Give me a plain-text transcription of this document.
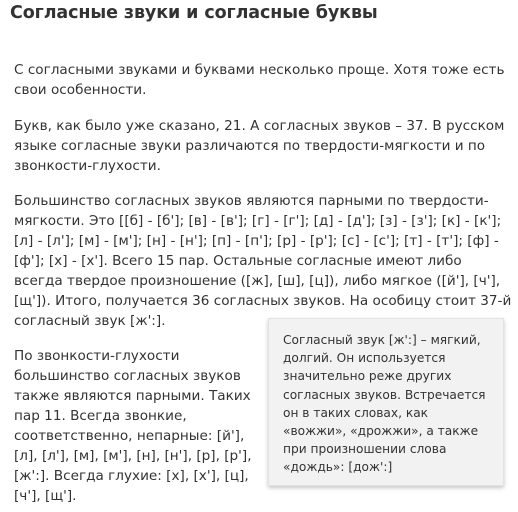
Согласные звуки и согласные буквы

С согласными звуками и буквами несколько проще. Хотя тоже есть свои особенности.

Букв, как было уже сказано, 21. А согласных звуков – 37. В русском языке согласные звуки различаются по твердости-мягкости и по звонкости-глухости.

Большинство согласных звуков являются парными по твердости-мягкости. Это [[б] - [б']; [в] - [в']; [г] - [г']; [д] - [д']; [з] - [з']; [к] - [к']; [л] - [л']; [м] - [м']; [н] - [н']; [п] - [п']; [р] - [р']; [с] - [с']; [т] - [т']; [ф] - [ф']; [х] - [х']. Всего 15 пар. Остальные согласные имеют либо всегда твердое произношение ([ж], [ш], [ц]), либо мягкое ([й'], [ч'], [щ']). Итого, получается 36 согласных звуков. На особицу стоит 37-й согласный звук [ж':].

По звонкости-глухости большинство согласных звуков также являются парными. Таких пар 11. Всегда звонкие, соответственно, непарные: [й'], [л], [л'], [м], [м'], [н], [н'], [р], [р'], [ж':]. Всегда глухие: [х], [х'], [ц], [ч'], [щ'].

Согласный звук [ж':] – мягкий, долгий. Он используется значительно реже других согласных звуков. Встречается он в таких словах, как «вожжи», «дрожжи», а также при произношении слова «дождь»: [дож':]
